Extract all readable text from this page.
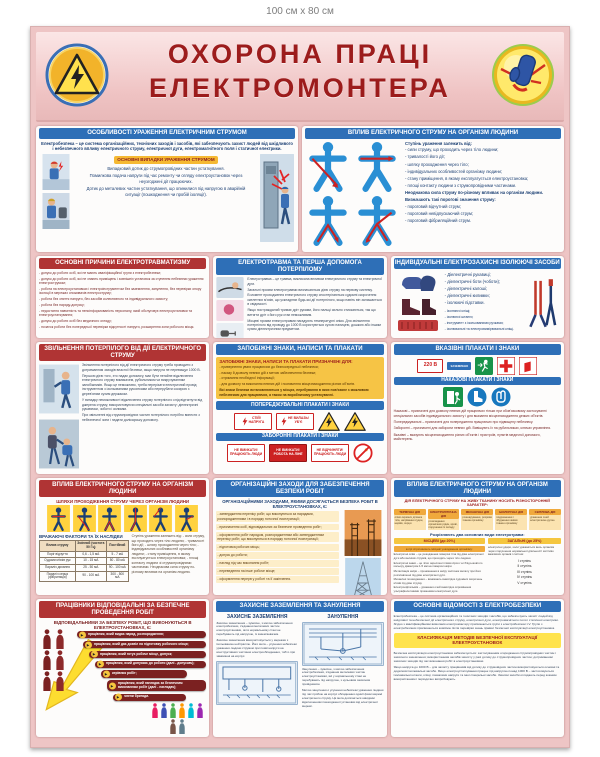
100 см x 80 см
ОХОРОНА ПРАЦІ
ЕЛЕКТРОМОНТЕРА
ОСОБЛИВОСТІ УРАЖЕННЯ ЕЛЕКТРИЧНИМ СТРУМОМ
Електробезпека – це система організаційних, технічних заходів і засобів, які забезпечують захист людей від шкідливого і небезпечного впливу електричного струму, електричної дуги, електромагнітного поля і статичної електрики.
ОСНОВНІ ВИПАДКИ УРАЖЕННЯ СТРУМОМ
Випадковий дотик до струмопровідних частин устаткування.
Помилкова подача напруги під час ремонту чи огляду електроустановок через неузгоджені дії працюючих.
Дотик до металевих частин устаткування, що опинилися під напругою в аварійній ситуації (пошкодження чи пробій ізоляції).
ВПЛИВ ЕЛЕКТРИЧНОГО СТРУМУ НА ОРГАНІЗМ ЛЮДИНИ
Ступінь ураження залежить від:
- сили струму, що проходить через тіло людини;
- тривалості його дії;
- шляху проходження через тіло;
- індивідуальних особливостей організму людини;
- стану приміщення, в якому експлуатується електроустановка;
- площі контакту людини з струмопровідними частинами.
Неоднакова сила струму по-різному впливає на організм людини.
Визначають такі порогові значення струму:
- пороговий відчутний струм;
- пороговий невідпускаючий струм;
- пороговий фібриляційний струм.
ОСНОВНІ ПРИЧИНИ ЕЛЕКТРОТРАВМАТИЗМУ
- допуск до роботи осіб, які не мають кваліфікаційної групи з електробезпеки;
- допуск до роботи осіб, які не знають приміщень і зовнішніх установок за ступенем небезпеки ураження електрострумом;
- робота на електроустановках і електроінструментом без заземлення, занулення, без перевірки опору ізоляції в мережах споживачів електроструму;
- робота без зняття напруги, без засобів колективного та індивідуального захисту;
- робота без наряду-допуску;
- недостатня навченість та непоінформованість персоналу, який обслуговує електроустановки та електроустаткування;
- допуск до роботи осіб без медичного огляду;
- початок роботи без попередньої перевірки відсутності напруги, розширення зони робочого місця.
ЕЛЕКТРОТРАВМА ТА ПЕРША ДОПОМОГА ПОТЕРПІЛОМУ

Електротравма – це травма, викликана впливом електричного струму та електричної дуги.

Загальні прояви електротравми визначаються дією струму на нервову систему.

В момент проходження електричного струму спостерігаються судомні скорочення скелетних м'язів, що ускладнює будь-які дії потерпілого, якщо навіть він залишається в свідомості.

Якщо постраждалий тримає дріт руками, його пальці сильно стискаються, так що витягти дріт з його рук стає неможливим.

Місцеві прояви електротравми нагадують температурні опіки. Для звільнення потерпілого від проводу до 1000 В користуються сухою палицею, дошкою або іншим сухим діелектричним предметом.

ІНДИВІДУАЛЬНІ ЕЛЕКТРОЗАХИСНІ ІЗОЛЮЮЧІ ЗАСОБИ
- Діелектричні рукавиці;
- діелектричні боти (чоботи);
- діелектричні калоші;
- діелектричні килимки;
- ізолюючі підставки.
- Ізолюючі кліщі;
- ізолюючі штанги;
- інструмент з ізольованими ручками;
- ізолювальні та електровимірювальні кліщі.
ЗВІЛЬНЕННЯ ПОТЕРПІЛОГО ВІД ДІЇ ЕЛЕКТРИЧНОГО СТРУМУ

Звільнення потерпілого від дії електричного струму треба проводити з дотриманням заходів власної безпеки, якщо напруга не перевищує 1000 В.

Першою дією того, хто надає допомогу, має бути негайне відключення електричного струму вимикачем, рубильником чи викручуванням запобіжників. Якщо це неможливо, треба перерізати електричний провід інструментом з ізольованими рукоятками або перерубати сокирою з дерев'яним сухим держаком.

У випадку неможливості відключення струму потерпілого слід відтягнути від джерела струму, використовуючи спеціальні засоби захисту: діелектричні рукавички, чоботи і килимки.

При звільненні від струмопровідних частин потерпілого потрібно винести з небезпечної зони і надати долікарську допомогу.

ЗАПОБІЖНІ ЗНАКИ, НАПИСИ ТА ПЛАКАТИ
ЗАПОБІЖНІ ЗНАКИ, НАПИСИ ТА ПЛАКАТИ ПРИЗНАЧЕНІ ДЛЯ:
- привернення уваги працюючих до безпосередньої небезпеки;
- наказу й дозволу певних дій з метою забезпечення безпеки;
- отримання необхідної інформації;
- для дозволу та виконання певних дій і позначення місцезнаходження різних об'єктів.
Всі знаки безпеки встановлюються у місцях, перебування в яких пов'язане з можливою небезпекою для працюючих, а також на виробничому устаткуванні.
ПОПЕРЕДЖУВАЛЬНІ ПЛАКАТИ І ЗНАКИ
СТІЙ!
НАПРУГА
НЕ ВИЛАЗЬ!
УБ'Є
ЗАБОРОННІ ПЛАКАТИ І ЗНАКИ
НЕ ВМИКАТИ!
ПРАЦЮЮТЬ ЛЮДИ
НЕ ВМИКАТИ!
РОБОТА НА ЛІНІЇ
НЕ ВІДЧИНЯТИ!
ПРАЦЮЮТЬ ЛЮДИ
ВКАЗІВНІ ПЛАКАТИ І ЗНАКИ
220 В	ЗАЗЕМЛЕНО
НАКАЗОВІ ПЛАКАТИ І ЗНАКИ

Наказові – призначені для дозволу певних дій працюючих тільки при обов'язковому застосуванні спеціальних засобів індивідуального захисту і для вказання місцезнаходження деяких об'єктів.

Попереджувальні – призначені для попередження працюючих про підвищену небезпеку.

Заборонні – призначені для заборони певних дій. Вивішують їх на рубильниках, ключах управління.

Вказівні – вказують місцезнаходження різних об'єктів і пристроїв, пунктів медичної допомоги, майстерень.

ВПЛИВ ЕЛЕКТРИЧНОГО СТРУМУ НА ОРГАНІЗМ ЛЮДИНИ
ШЛЯХИ ПРОХОДЖЕННЯ СТРУМУ ЧЕРЕЗ ОРГАНІЗМ ЛЮДИНИ
ВРАЖАЮЧІ ФАКТОРИ ТА ЇХ НАСЛІДКИ
Вплив струму	Змінний (частота 50 Гц)	Постійний
Поріг відчуття	0,6 - 1,5 мА	5 - 7 мА
Судоми м'язів рук	10 - 15 мА	50 - 80 мА
Параліч дихання	25 - 50 мА	90 - 100 мА
Параліч серця (фібриляція)	90 - 100 мА	300 - 500 мА
Ступінь ураження залежить від: - сили струму, що проходить через тіло людини; - тривалості його дії; - шляху проходження через тіло; - індивідуальних особливостей організму людини; - стану приміщення, в якому експлуатується електроустановка; - площі контакту людини зі струмопровідними частинами. Неоднакова сила струму по-різному впливає на організм людини.
ОРГАНІЗАЦІЙНІ ЗАХОДИ ДЛЯ ЗАБЕЗПЕЧЕННЯ БЕЗПЕКИ РОБІТ
ОРГАНІЗАЦІЙНИМИ ЗАХОДАМИ, ЯКИМИ ДОСЯГАЄТЬСЯ БЕЗПЕКА РОБІТ В ЕЛЕКТРОУСТАНОВКАХ, Є:
- затвердження переліку робіт, що виконуються за нарядами, розпорядженнями і в порядку поточної експлуатації;
- призначення осіб, відповідальних за безпечне проведення робіт;
- оформлення робіт нарядом, розпорядженням або затвердженням переліку робіт, що виконуються в порядку поточної експлуатації;
- підготовка робочих місць;
- допуск до роботи;
- нагляд під час виконання робіт;
- переведення на інше робоче місце;
- оформлення перерв у роботі та її закінчення.
ВПЛИВ ЕЛЕКТРИЧНОГО СТРУМУ НА ОРГАНІЗМ ЛЮДИНИ
ДІЯ ЕЛЕКТРИЧНОГО СТРУМУ НА ЖИВУ ТКАНИНУ НОСИТЬ РІЗНОСТОРОННІЙ ХАРАКТЕР:
ТЕРМІЧНА ДІЯ
опіки окремих ділянок тіла, нагрівання судин, нервів, серця
ЕЛЕКТРОЛІТИЧНА ДІЯ
розкладання органічних рідин, крові, порушення їх складу
МЕХАНІЧНА ДІЯ
розшарування, розриви тканин організму
БІОЛОГІЧНА ДІЯ
подразнення і збудження живих тканин організму
СВІТЛОВА ДІЯ
ураження очей електричною дугою
Розрізняють два основних види електротравм:
МІСЦЕВІ (до 20%)
котрі спричиняють місцеві ушкодження організму:

Електричні опіки – це ушкодження поверхні тіла під дією електричної дуги або великих струмів, що проходять через тіло людини.

Електричні знаки – це чітко окреслені плями сірого чи блідо-жовтого кольору діаметром 1-5 мм на поверхні шкіри.

Металізація шкіри – проникнення в шкіру частинок металу при його розплавленні під дією електричної дуги.

Механічні пошкодження – виникають внаслідок судомних скорочень м'язів під дією струму.

Електроофтальмія – ураження очей внаслідок опромінення ультрафіолетовими променями електричної дуги.

ЗАГАЛЬНІ (до 25%)
електричні удари, коли уражається весь організм через порушення нормальної діяльності життєво важливих органів і систем:
І ступінь
ІІ ступінь
ІІІ ступінь
IV ступінь
V ступінь
ПРАЦІВНИКИ ВІДПОВІДАЛЬНІ ЗА БЕЗПЕЧНЕ ПРОВЕДЕННЯ РОБІТ
ВІДПОВІДАЛЬНИМИ ЗА БЕЗПЕКУ РОБІТ, ЩО ВИКОНУЮТЬСЯ В ЕЛЕКТРОУСТАНОВКАХ, Є:
▸	працівник, який видає наряд, розпорядження;
▸	працівник, який дає дозвіл на підготовку робочого місця;
▸	працівник, який готує робоче місце, допуск;
▸	працівник, який допускає до роботи (далі - допускач);
▸	керівник робіт;
▸
працівник, який наглядає за безпечним виконанням робіт (далі - наглядач);
▸	члени бригади.
ЗАХИСНЕ ЗАЗЕМЛЕННЯ ТА ЗАНУЛЕННЯ
ЗАХИСНЕ ЗАЗЕМЛЕННЯ
Захисне заземлення – зумисне, з метою забезпечення електробезпеки, з'єднання металевих частин електроустановки, які в нормальному стані не перебувають під напругою, із заземлювачем.
Захисне заземлення використовується у мережах з ізольованою нейтраллю. Його мета – усунення небезпеки ураження людини струмом при появі напруги на конструктивних частинах електрообладнання, тобто при замиканні на корпус.
ЗАНУЛЕННЯ
Занулення – зумисне, з метою забезпечення електробезпеки, з'єднання металевих частин електроустановки, які у нормальному стані не перебувають під напругою, з нульовим захисним провідником.
Метою занулення є усунення небезпеки ураження людини під час пробою на корпус обладнання однієї фази мережі електричного струму. Ця мета досягається швидким відключенням пошкодженої установки від електричної мережі.
ОСНОВНІ ВІДОМОСТІ З ЕЛЕКТРОБЕЗПЕКИ
Електробезпека – це система організаційних та технічних заходів і засобів, що забезпечують захист людей від шкідливої та небезпечної дії електричного струму, електричної дуги, електромагнітного поля і статичної електрики. Згідно з кваліфікаційними вимогами електромонтеру присвоюються групи з електробезпеки І-V. Групи з електробезпеки присвоюються комісією після перевірки знань правил безпечної експлуатації електроустановок.
КЛАСИФІКАЦІЯ МЕТОДІВ БЕЗПЕЧНОЇ ЕКСПЛУАТАЦІЇ ЕЛЕКТРОУСТАНОВОК
Безпечна експлуатація електроустановок забезпечується: застосуванням огородження струмопровідних частин і захисного заземлення; використанням засобів захисту у разі дотику до струмопровідних частин; дотриманням захисних заходів під час виконання робіт в електроустановках.
Якщо напруга до 1000 В – для захисту працівників від дотику до струмовідних частин використовуються основні та додаткові ізолювальні засоби. Якщо електроустаткування працює під напругою понад 1000 В – застосовуються ізолювальні штанги, кліщі, покажчики напруги та інші спеціальні засоби. Захисні засоби оглядають перед кожним використанням і періодично випробовують.
